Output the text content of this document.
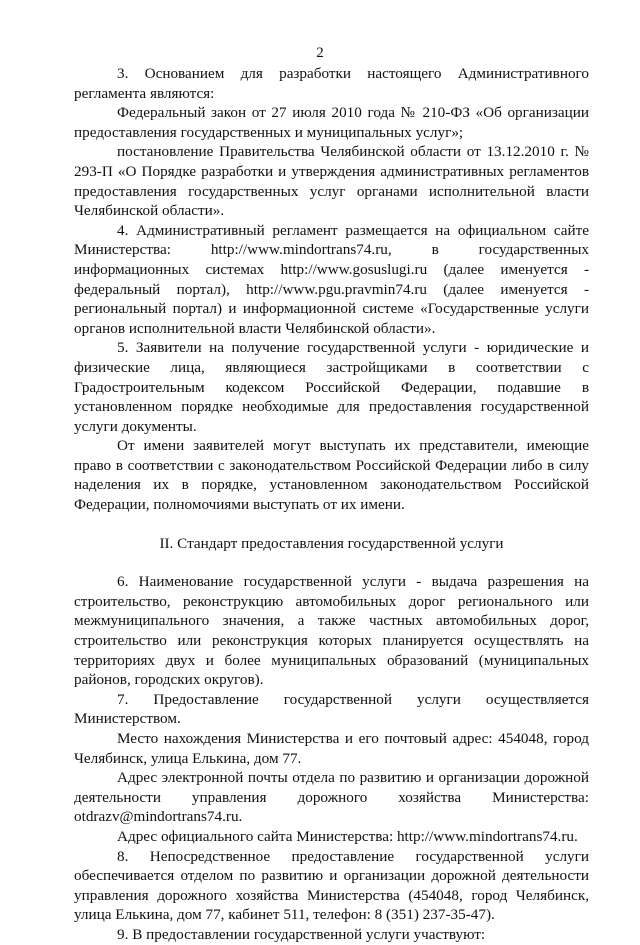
2

3. Основанием для разработки настоящего Административного регламента являются:

Федеральный закон от 27 июля 2010 года № 210-ФЗ «Об организации предоставления государственных и муниципальных услуг»;

постановление Правительства Челябинской области от 13.12.2010 г. № 293-П «О Порядке разработки и утверждения административных регламентов предоставления государственных услуг органами исполнительной власти Челябинской области».

4. Административный регламент размещается на официальном сайте Министерства: http://www.mindortrans74.ru, в государственных информационных системах http://www.gosuslugi.ru (далее именуется - федеральный портал), http://www.pgu.pravmin74.ru (далее именуется - региональный портал) и информационной системе «Государственные услуги органов исполнительной власти Челябинской области».

5. Заявители на получение государственной услуги - юридические и физические лица, являющиеся застройщиками в соответствии с Градостроительным кодексом Российской Федерации, подавшие в установленном порядке необходимые для предоставления государственной услуги документы.

От имени заявителей могут выступать их представители, имеющие право в соответствии с законодательством Российской Федерации либо в силу наделения их в порядке, установленном законодательством Российской Федерации, полномочиями выступать от их имени.

II. Стандарт предоставления государственной услуги

6. Наименование государственной услуги - выдача разрешения на строительство, реконструкцию автомобильных дорог регионального или межмуниципального значения, а также частных автомобильных дорог, строительство или реконструкция которых планируется осуществлять на территориях двух и более муниципальных образований (муниципальных районов, городских округов).

7. Предоставление государственной услуги осуществляется Министерством.

Место нахождения Министерства и его почтовый адрес: 454048, город Челябинск, улица Елькина, дом 77.

Адрес электронной почты отдела по развитию и организации дорожной деятельности управления дорожного хозяйства Министерства: otdrazv@mindortrans74.ru.

Адрес официального сайта Министерства: http://www.mindortrans74.ru.

8. Непосредственное предоставление государственной услуги обеспечивается отделом по развитию и организации дорожной деятельности управления дорожного хозяйства Министерства (454048, город Челябинск, улица Елькина, дом 77, кабинет 511, телефон: 8 (351) 237-35-47).

9. В предоставлении государственной услуги участвуют:
